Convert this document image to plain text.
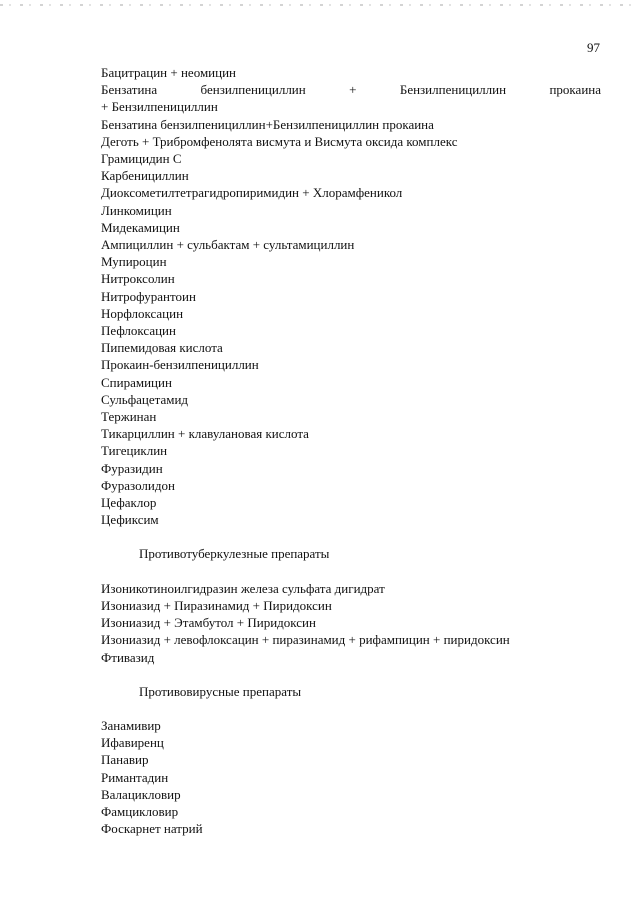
97
Бацитрацин + неомицин
Бензатина	бензилпенициллин	+	Бензилпенициллин	прокаина
+ Бензилпенициллин
Бензатина бензилпенициллин+Бензилпенициллин прокаина
Деготь + Трибромфенолята висмута и Висмута оксида комплекс
Грамицидин С
Карбенициллин
Диоксометилтетрагидропиримидин + Хлорамфеникол
Линкомицин
Мидекамицин
Ампициллин + сульбактам + сультамициллин
Мупироцин
Нитроксолин
Нитрофурантоин
Норфлоксацин
Пефлоксацин
Пипемидовая кислота
Прокаин-бензилпенициллин
Спирамицин
Сульфацетамид
Тержинан
Тикарциллин + клавулановая кислота
Тигециклин
Фуразидин
Фуразолидон
Цефаклор
Цефиксим
Противотуберкулезные препараты
Изоникотиноилгидразин железа сульфата дигидрат
Изониазид + Пиразинамид + Пиридоксин
Изониазид + Этамбутол + Пиридоксин
Изониазид + левофлоксацин + пиразинамид + рифампицин + пиридоксин
Фтивазид
Противовирусные препараты
Занамивир
Ифавиренц
Панавир
Римантадин
Валацикловир
Фамцикловир
Фоскарнет натрий
